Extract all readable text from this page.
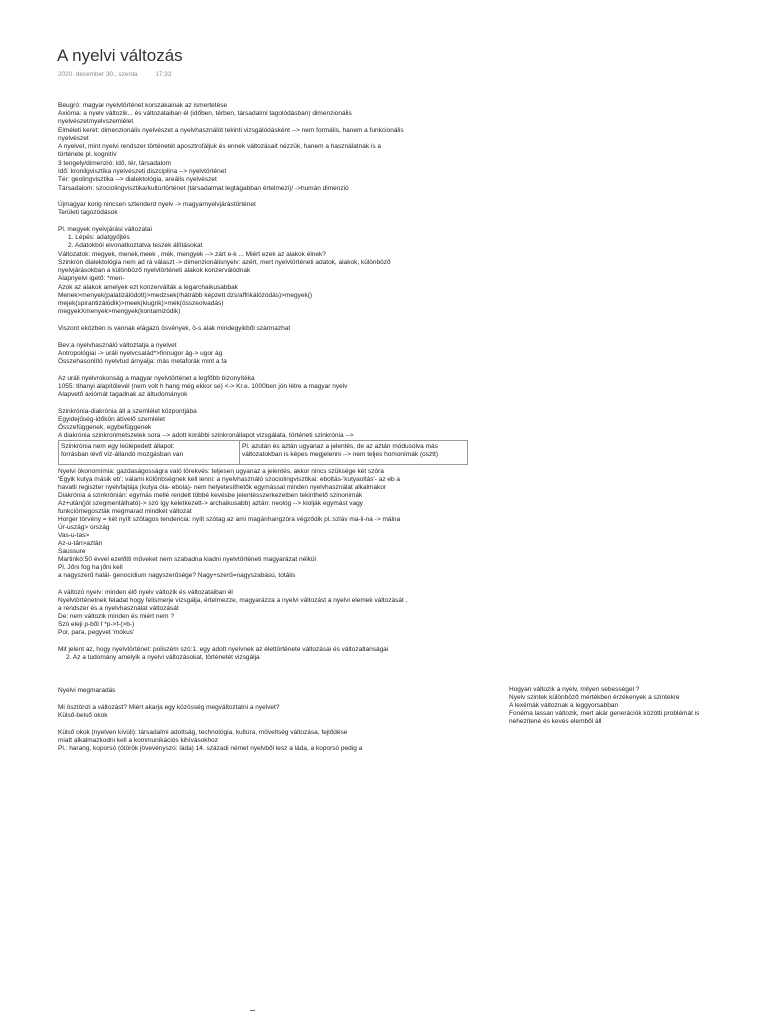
A nyelvi változás
2020. december 30., szerda	17:33
Beugró: magyar nyelvtörténet korszakainak az ismertetése
Axióma: a nyelv változik... és változataiban él (időben, térben, társadalmi tagolódásban) dimenzionális
nyelvészet/nyelvszemlélet
Elméleti keret: dimenzionális nyelvészet a nyelvhasználót tekinti vizsgálódásként --> nem formális, hanem a funkcionális
nyelvészet
A nyelvet, mint nyelvi rendszer történetét aposztrofáljuk és ennek változásait nézzük, hanem a használatnak is a
története pl. kognitív
3 tengely/dimenzió: idő, tér, társadalom
Idő: kronilgvisztika nyelvészeti diszciplína --> nyelvtörténet
Tér: geolingvisztika --> dialektológia, areális nyelvészet
Társadalom: szociolingvisztika/kultúrtörténet (társadalmat legtágabban értelmezi)/ ->humán dimenzió
Újmagyar korig nincsen sztenderd nyelv -> magyarnyelvjárástörténet
Területi tagozódások
Pl. megyek nyelvjárási változatai
1. Lépés: adatgyűjtés
2. Adatokból elvonatkoztatva teszek állításokat
Változatok: megyek, menek,meek , mék, mengyek --> zárt e-k ... Miért ezek az alakok élnek?
Szinkrón dialektológia nem ad rá választ -> dimenzionálisnyelv: azért, mert nyelvtörténeti adatok, alakok, különböző
nyelvjárásokban a különböző nyelvtörténeti alakok konzerválódnak
Alapnyelvi igető: *men-
Azok az alakok amelyek ezt konzerválták a legarchaikusabbak
Menek>menyek(palatizálódott)>medzsek(/hátrább képzett dzs/affrikálózódás)>megyek()
mejek(spirantizálódik)>meek(kiugrik)>mék(összeolvadás)
megyekXmenyek>mengyek(kontamizódik)
Viszont eközben is vannak elágazó ösvények, ö-s alak mindegyikből származhat
Bev:a nyelvhasználó változtatja a nyelvet
Antropológiai -> uráli nyelvcsalád*>finnugor ág-> ugor ág
Összehasonlító nyelvtud árnyalja: más metaforák mint a fa
Az uráli nyelvrokonság a magyar nyelvtörténet a legfőbb bizonyítéka
1055: tihanyi alapítólevél (nem volt h hang még ekkor se) <-> Kr.e. 1000ben jön létre a magyar nyelv
Alapvető axiómát tagadnak az áltudományok
Szinkrónia-diakrónia áll a szemlélet központjába
Egyidejűség-időkön átívelő szemlélet
Összefüggenek, egybefüggenek
A diakrónia szinkronmetszetek sora --> adott korábbi szinkronállapot vizsgálata, történeti szinkrónia -->
Szinkrónia nem egy leülepedett állapot:
forrásban lévő víz-állandó mozgásban van
Pl. azután és aztán ugyanaz a jelentés, de az aztán módusolva más
változatokban is képes megjelenni --> nem teljes homonímák (osztt)
Nyelvi ökonomímia: gazdaságosságra való törekvés: teljesen ugyanaz a jelentés, akkor nincs szüksége két szóra
'Egyik kutya másik eb': valami különbségnek kell lenni: a nyelvhasználó szociolingvisztikai: eboltás-'kutyaoltás'- az eb a
havatli regiszter nyelvfajtája (kutya óla- ebola)- nem helyetesíthetők egymással minden nyelvhasználat alkalmakor
Diakrónia a szinkrónián: egymás mellé rendelt többé kevésbe jelentésszerkezetben tekinthető szinonimák
Az+után(jól szegmentálható)-> szó így keletkezett-> archaikusabb) aztán: neológ --> kiolják egymást vagy
funkciómegoszták megmarad mindkét változat
Horger törvény = két nyílt szótagos tendencia: nyílt szótag az ami magánhangzóra végződik pl.:szláv ma-li-na -> málna
Úr-uszág> ország
Vas-u-tas>
Az-u-tán>aztán
Saussure
Martinkó:50 évvel ezelőtti műveket nem szabadna kiadni nyelvtörténeti magyarázat nélkül
Pl. Jőni fog ha jőni kell
a nagyszerű halál- genocídium nagyszerűsége? Nagy+szerű=nagyszabású, totális
A változó nyelv: minden élő nyelv változik és változataiban él
Nyelvtörténetnek feladat hogy felismerje vizsgálja, értelmezze, magyarázza a nyelvi változást a nyelvi elemek változását ,
a rendszer és a nyelvhasználat változását
De: nem változik minden és miért nem ?
Szó eleji p-ből f *p->f-(>b-)
Por, para, pegyvet 'mókus'
Mit jelent az, hogy nyelvtörténet: poliszém szó:1. egy adott nyelvnek az élettörténete változásai és változatlanságai
2. Az a tudomány amelyik a nyelvi változásokat, történetét vizsgálja
Nyelvi megmaradás
Mi ösztönzi a változást? Miért akarja egy közösség megváltoztatni a nyelvet?
Külső-belső okok
Külső okok (nyelven kívüli): társadalmi adottság, technológia, kultúra, műveltség változása, fejlődése
miatt alkalmazkodni kell a kommunikációs kihívásokhoz
Pl.: harang, koporsó (ötörök jövevényszó: láda) 14. századi német nyelvből lesz a láda, a koporsó pedig a
Hogyan változik a nyelv, milyen sebességel ?
Nyelv szintek különböző mértékben érzékenyek a szintekre
A lexémák változnak a leggyorsabban
Fonéma lassan változik, mert akár generációk közötti problémát is
nehezítené és kevés elemből áll
